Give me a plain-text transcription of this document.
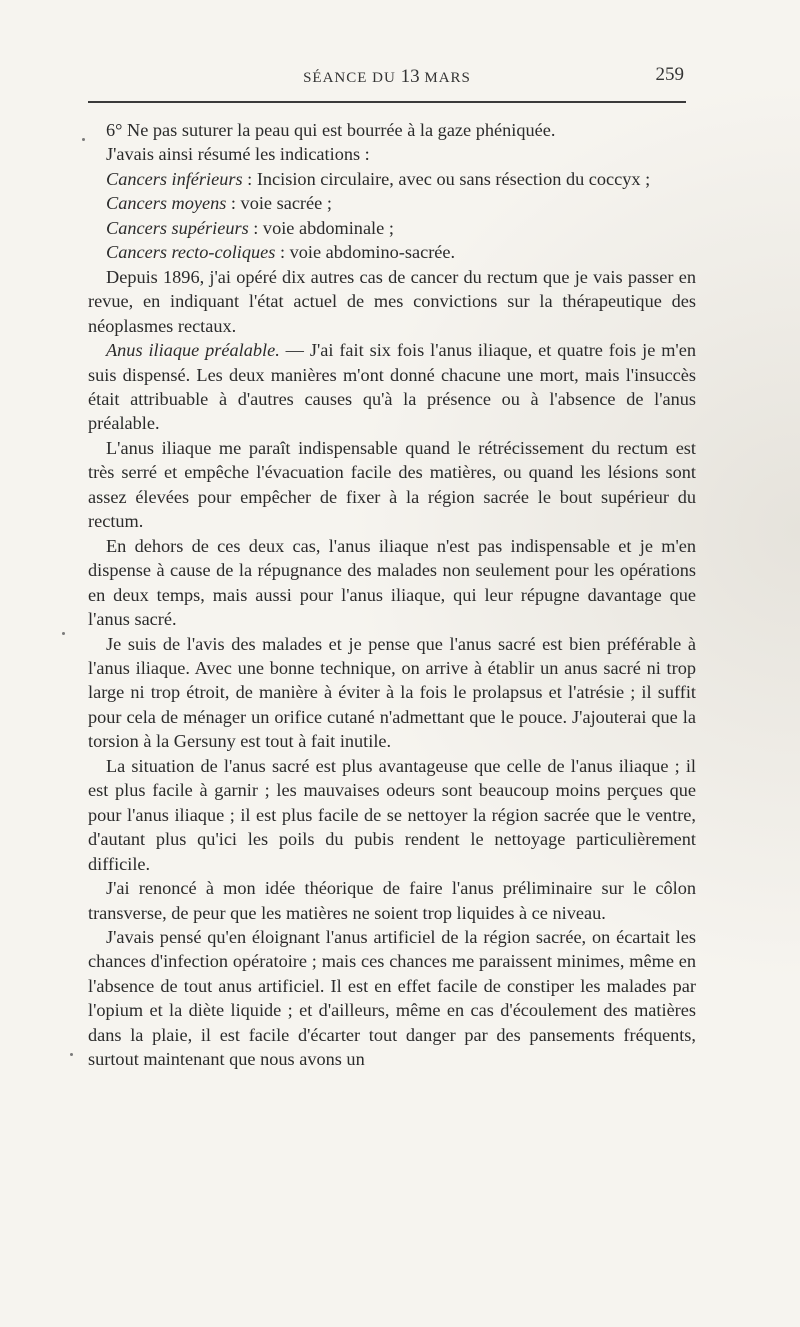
SÉANCE DU 13 MARS	259

6° Ne pas suturer la peau qui est bourrée à la gaze phéniquée.

J'avais ainsi résumé les indications :

Cancers inférieurs : Incision circulaire, avec ou sans résection du coccyx ;

Cancers moyens : voie sacrée ;

Cancers supérieurs : voie abdominale ;

Cancers recto-coliques : voie abdomino-sacrée.

Depuis 1896, j'ai opéré dix autres cas de cancer du rectum que je vais passer en revue, en indiquant l'état actuel de mes convictions sur la thérapeutique des néoplasmes rectaux.

Anus iliaque préalable. — J'ai fait six fois l'anus iliaque, et quatre fois je m'en suis dispensé. Les deux manières m'ont donné chacune une mort, mais l'insuccès était attribuable à d'autres causes qu'à la présence ou à l'absence de l'anus préalable.

L'anus iliaque me paraît indispensable quand le rétrécissement du rectum est très serré et empêche l'évacuation facile des matières, ou quand les lésions sont assez élevées pour empêcher de fixer à la région sacrée le bout supérieur du rectum.

En dehors de ces deux cas, l'anus iliaque n'est pas indispensable et je m'en dispense à cause de la répugnance des malades non seulement pour les opérations en deux temps, mais aussi pour l'anus iliaque, qui leur répugne davantage que l'anus sacré.

Je suis de l'avis des malades et je pense que l'anus sacré est bien préférable à l'anus iliaque. Avec une bonne technique, on arrive à établir un anus sacré ni trop large ni trop étroit, de manière à éviter à la fois le prolapsus et l'atrésie ; il suffit pour cela de ménager un orifice cutané n'admettant que le pouce. J'ajouterai que la torsion à la Gersuny est tout à fait inutile.

La situation de l'anus sacré est plus avantageuse que celle de l'anus iliaque ; il est plus facile à garnir ; les mauvaises odeurs sont beaucoup moins perçues que pour l'anus iliaque ; il est plus facile de se nettoyer la région sacrée que le ventre, d'autant plus qu'ici les poils du pubis rendent le nettoyage particulièrement difficile.

J'ai renoncé à mon idée théorique de faire l'anus préliminaire sur le côlon transverse, de peur que les matières ne soient trop liquides à ce niveau.

J'avais pensé qu'en éloignant l'anus artificiel de la région sacrée, on écartait les chances d'infection opératoire ; mais ces chances me paraissent minimes, même en l'absence de tout anus artificiel. Il est en effet facile de constiper les malades par l'opium et la diète liquide ; et d'ailleurs, même en cas d'écoulement des matières dans la plaie, il est facile d'écarter tout danger par des pansements fréquents, surtout maintenant que nous avons un
